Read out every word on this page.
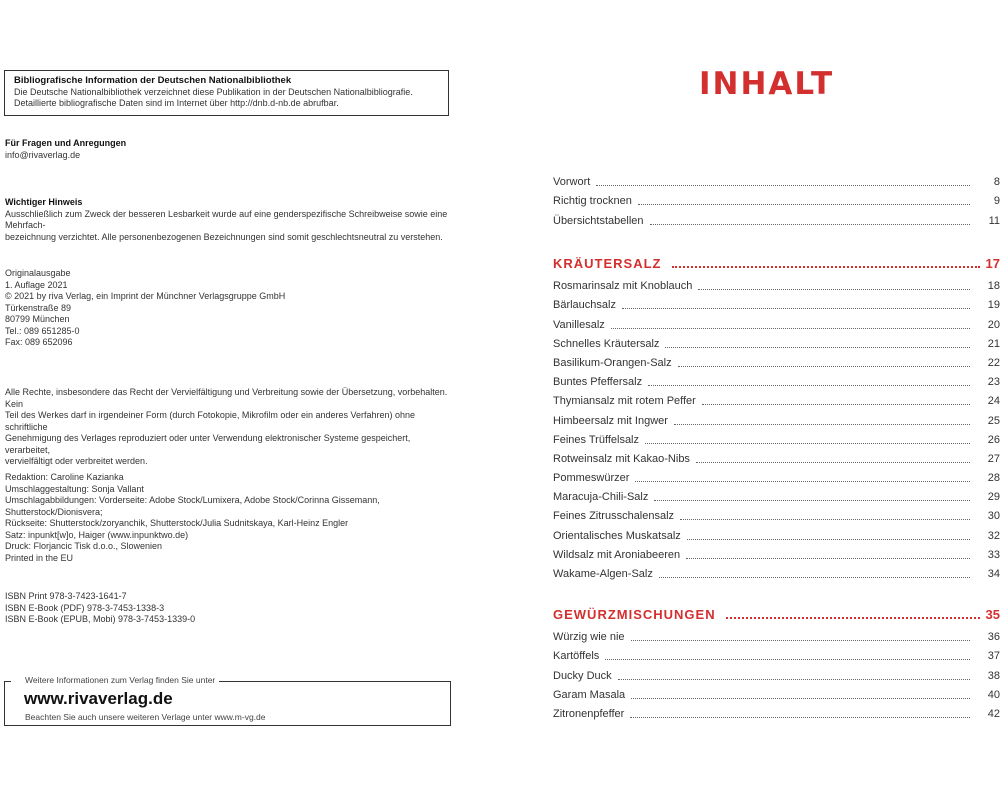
Bibliografische Information der Deutschen Nationalbibliothek
Die Deutsche Nationalbibliothek verzeichnet diese Publikation in der Deutschen Nationalbibliografie.
Detaillierte bibliografische Daten sind im Internet über http://dnb.d-nb.de abrufbar.
Für Fragen und Anregungen
info@rivaverlag.de
Wichtiger Hinweis
Ausschließlich zum Zweck der besseren Lesbarkeit wurde auf eine genderspezifische Schreibweise sowie eine Mehrfach-
bezeichnung verzichtet. Alle personenbezogenen Bezeichnungen sind somit geschlechtsneutral zu verstehen.
Originalausgabe
1. Auflage 2021
© 2021 by riva Verlag, ein Imprint der Münchner Verlagsgruppe GmbH
Türkenstraße 89
80799 München
Tel.: 089 651285-0
Fax: 089 652096
Alle Rechte, insbesondere das Recht der Vervielfältigung und Verbreitung sowie der Übersetzung, vorbehalten. Kein
Teil des Werkes darf in irgendeiner Form (durch Fotokopie, Mikrofilm oder ein anderes Verfahren) ohne schriftliche
Genehmigung des Verlages reproduziert oder unter Verwendung elektronischer Systeme gespeichert, verarbeitet,
vervielfältigt oder verbreitet werden.
Redaktion: Caroline Kazianka
Umschlaggestaltung: Sonja Vallant
Umschlagabbildungen: Vorderseite: Adobe Stock/Lumixera, Adobe Stock/Corinna Gissemann, Shutterstock/Dionisvera;
Rückseite: Shutterstock/zoryanchik, Shutterstock/Julia Sudnitskaya, Karl-Heinz Engler
Satz: inpunkt[w]o, Haiger (www.inpunktwo.de)
Druck: Florjancic Tisk d.o.o., Slowenien
Printed in the EU
ISBN Print 978-3-7423-1641-7
ISBN E-Book (PDF) 978-3-7453-1338-3
ISBN E-Book (EPUB, Mobi) 978-3-7453-1339-0
Weitere Informationen zum Verlag finden Sie unter
www.rivaverlag.de
Beachten Sie auch unsere weiteren Verlage unter www.m-vg.de
INHALT
Vorwort	8
Richtig trocknen	9
Übersichtstabellen	11
KRÄUTERSALZ	17
Rosmarinsalz mit Knoblauch	18
Bärlauchsalz	19
Vanillesalz	20
Schnelles Kräutersalz	21
Basilikum-Orangen-Salz	22
Buntes Pfeffersalz	23
Thymiansalz mit rotem Peffer	24
Himbeersalz mit Ingwer	25
Feines Trüffelsalz	26
Rotweinsalz mit Kakao-Nibs	27
Pommeswürzer	28
Maracuja-Chili-Salz	29
Feines Zitrusschalensalz	30
Orientalisches Muskatsalz	32
Wildsalz mit Aroniabeeren	33
Wakame-Algen-Salz	34
GEWÜRZMISCHUNGEN	35
Würzig wie nie	36
Kartöffels	37
Ducky Duck	38
Garam Masala	40
Zitronenpfeffer	42
